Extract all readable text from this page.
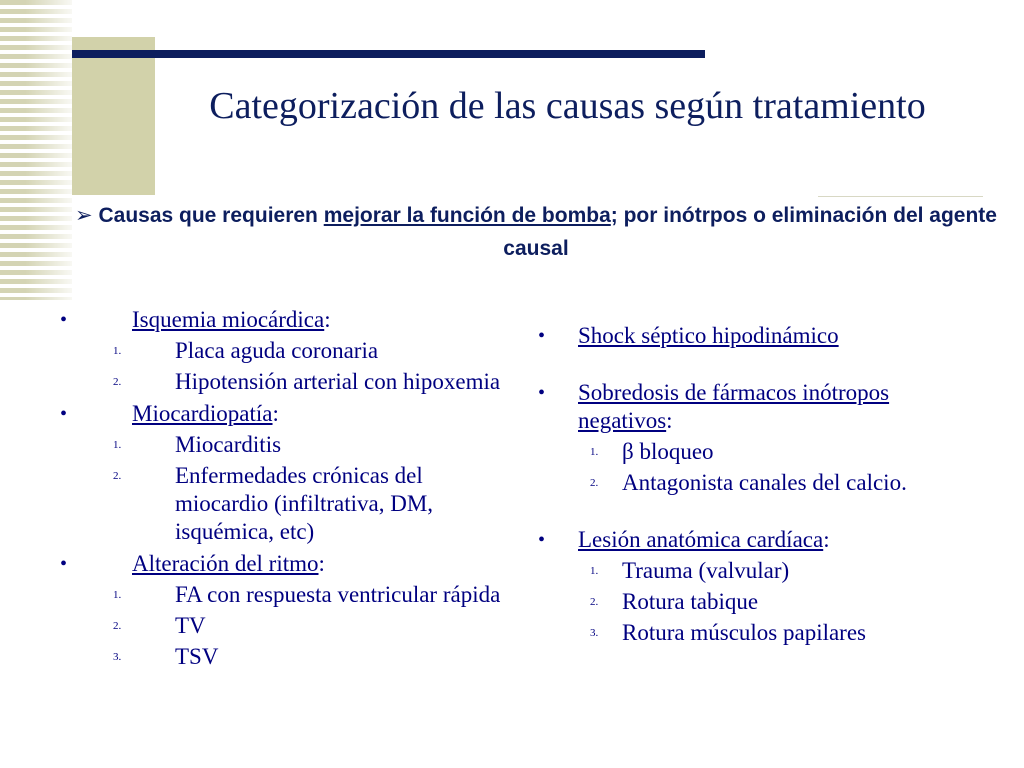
Categorización de las causas según tratamiento
➢ Causas que requieren mejorar la función de bomba; por inótrpos o eliminación del agente causal
•	Isquemia miocárdica:
1. Placa aguda coronaria
2. Hipotensión arterial con hipoxemia
•	Miocardiopatía:
1. Miocarditis
2. Enfermedades crónicas del miocardio (infiltrativa, DM, isquémica, etc)
•	Alteración del ritmo:
1. FA con respuesta ventricular rápida
2. TV
3. TSV
• Shock séptico hipodinámico
• Sobredosis de fármacos inótropos negativos:
1. β bloqueo
2. Antagonista canales del calcio.
• Lesión anatómica cardíaca:
1. Trauma (valvular)
2. Rotura tabique
3. Rotura músculos papilares
